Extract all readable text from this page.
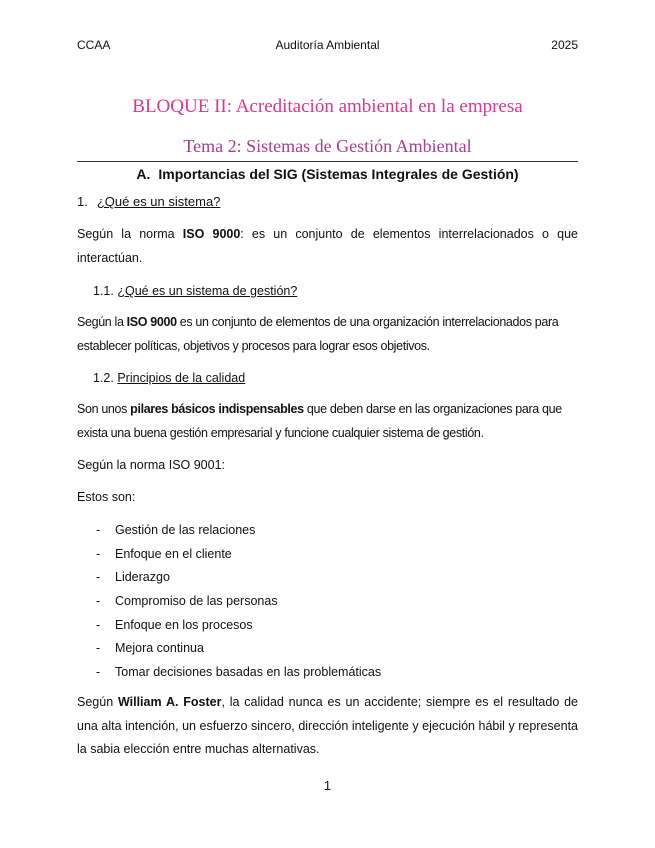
CCAA	Auditoría Ambiental	2025
BLOQUE II: Acreditación ambiental en la empresa
Tema 2: Sistemas de Gestión Ambiental
A. Importancias del SIG (Sistemas Integrales de Gestión)
1. ¿Qué es un sistema?
Según la norma ISO 9000: es un conjunto de elementos interrelacionados o que interactúan.
1.1. ¿Qué es un sistema de gestión?
Según la ISO 9000 es un conjunto de elementos de una organización interrelacionados para establecer políticas, objetivos y procesos para lograr esos objetivos.
1.2. Principios de la calidad
Son unos pilares básicos indispensables que deben darse en las organizaciones para que exista una buena gestión empresarial y funcione cualquier sistema de gestión.
Según la norma ISO 9001:
Estos son:
- Gestión de las relaciones
- Enfoque en el cliente
- Liderazgo
- Compromiso de las personas
- Enfoque en los procesos
- Mejora continua
- Tomar decisiones basadas en las problemáticas
Según William A. Foster, la calidad nunca es un accidente; siempre es el resultado de una alta intención, un esfuerzo sincero, dirección inteligente y ejecución hábil y representa la sabia elección entre muchas alternativas.
1
